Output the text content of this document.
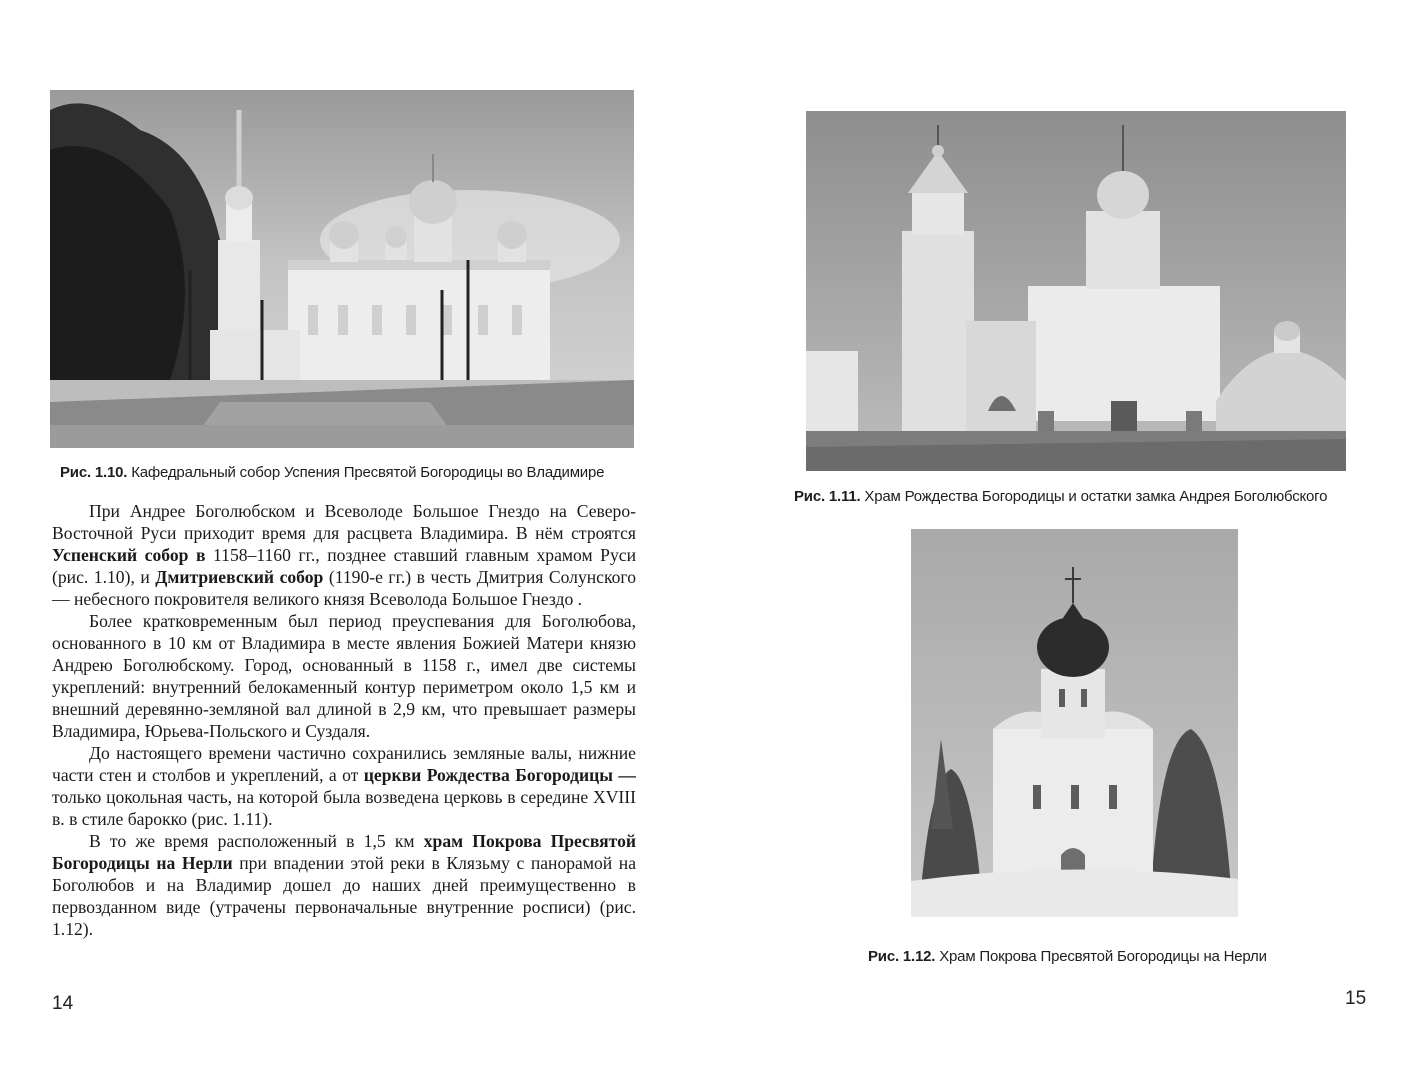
Рис. 1.10. Кафедральный собор Успения Пресвятой Богородицы во Владимире

При Андрее Боголюбском и Всеволоде Большое Гнездо на Северо-Восточной Руси приходит время для расцвета Владимира. В нём строятся Успенский собор в 1158–1160 гг., позднее ставший главным храмом Руси (рис. 1.10), и Дмитриевский собор (1190-е гг.) в честь Дмитрия Солунского — небесного покровителя великого князя Всеволода Большое Гнездо .

Более кратковременным был период преуспевания для Боголюбова, основанного в 10 км от Владимира в месте явления Божией Матери князю Андрею Боголюбскому. Город, основанный в 1158 г., имел две системы укреплений: внутренний белокаменный контур периметром около 1,5 км и внешний деревянно-земляной вал длиной в 2,9 км, что превышает размеры Владимира, Юрьева-Польского и Суздаля.

До настоящего времени частично сохранились земляные валы, нижние части стен и столбов и укреплений, а от церкви Рождества Богородицы — только цокольная часть, на которой была возведена церковь в середине XVIII в. в стиле барокко (рис. 1.11).

В то же время расположенный в 1,5 км храм Покрова Пресвятой Богородицы на Нерли при впадении этой реки в Клязьму с панорамой на Боголюбов и на Владимир дошел до наших дней преимущественно в первозданном виде (утрачены первоначальные внутренние росписи) (рис. 1.12).

14
Рис. 1.11. Храм Рождества Богородицы и остатки замка Андрея Боголюбского
Рис. 1.12. Храм Покрова Пресвятой Богородицы на Нерли
15
